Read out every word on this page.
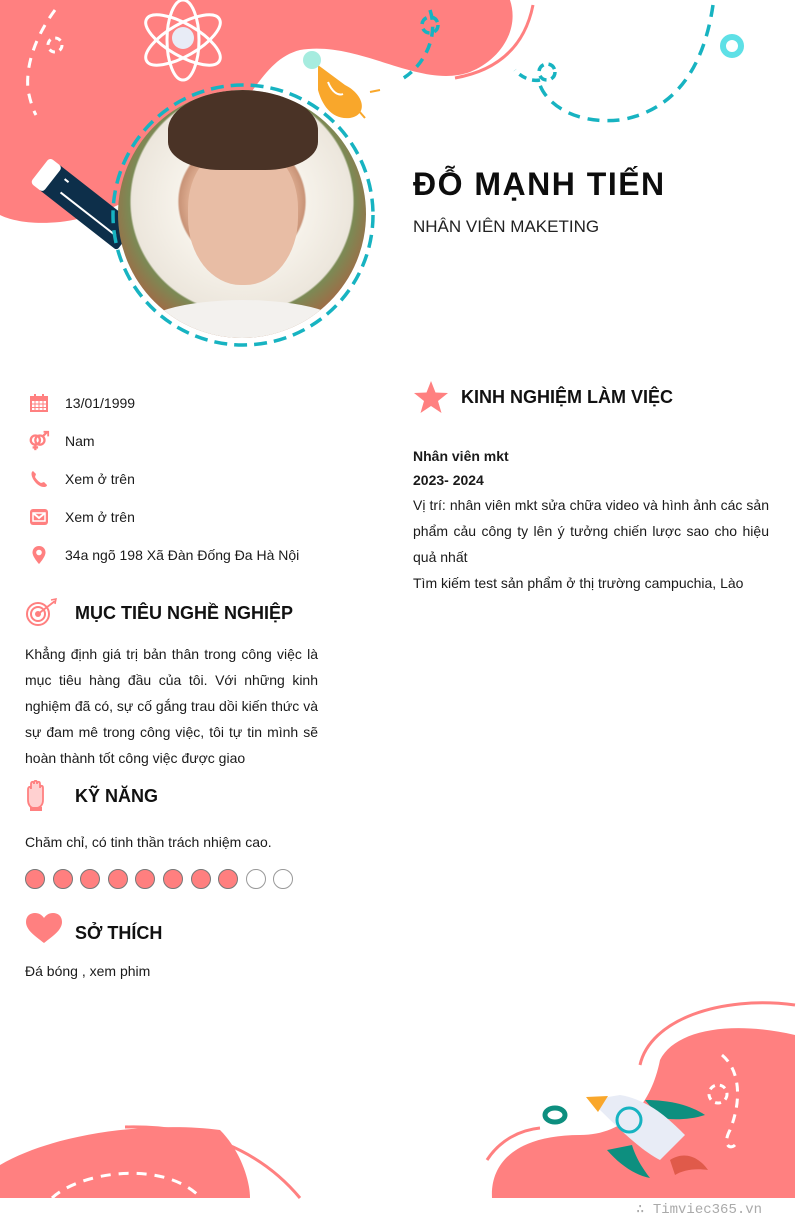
ĐỖ MẠNH TIẾN
NHÂN VIÊN MAKETING
13/01/1999
Nam
Xem ở trên
Xem ở trên
34a ngõ 198 Xã Đàn Đống Đa Hà Nội
MỤC TIÊU NGHỀ NGHIỆP
Khẳng định giá trị bản thân trong công việc là mục tiêu hàng đầu của tôi. Với những kinh nghiệm đã có, sự cố gắng trau dồi kiến thức và sự đam mê trong công việc, tôi tự tin mình sẽ hoàn thành tốt công việc được giao
KỸ NĂNG
Chăm chỉ, có tinh thần trách nhiệm cao.
SỞ THÍCH
Đá bóng , xem phim
KINH NGHIỆM LÀM VIỆC
Nhân viên mkt
2023- 2024
Vị trí: nhân viên mkt sửa chữa video và hình ảnh các sản phẩm cảu công ty lên ý tưởng chiến lược sao cho hiệu quả nhất
Tìm kiếm test sản phẩm ở thị trường campuchia, Lào
∴ Timviec365.vn
